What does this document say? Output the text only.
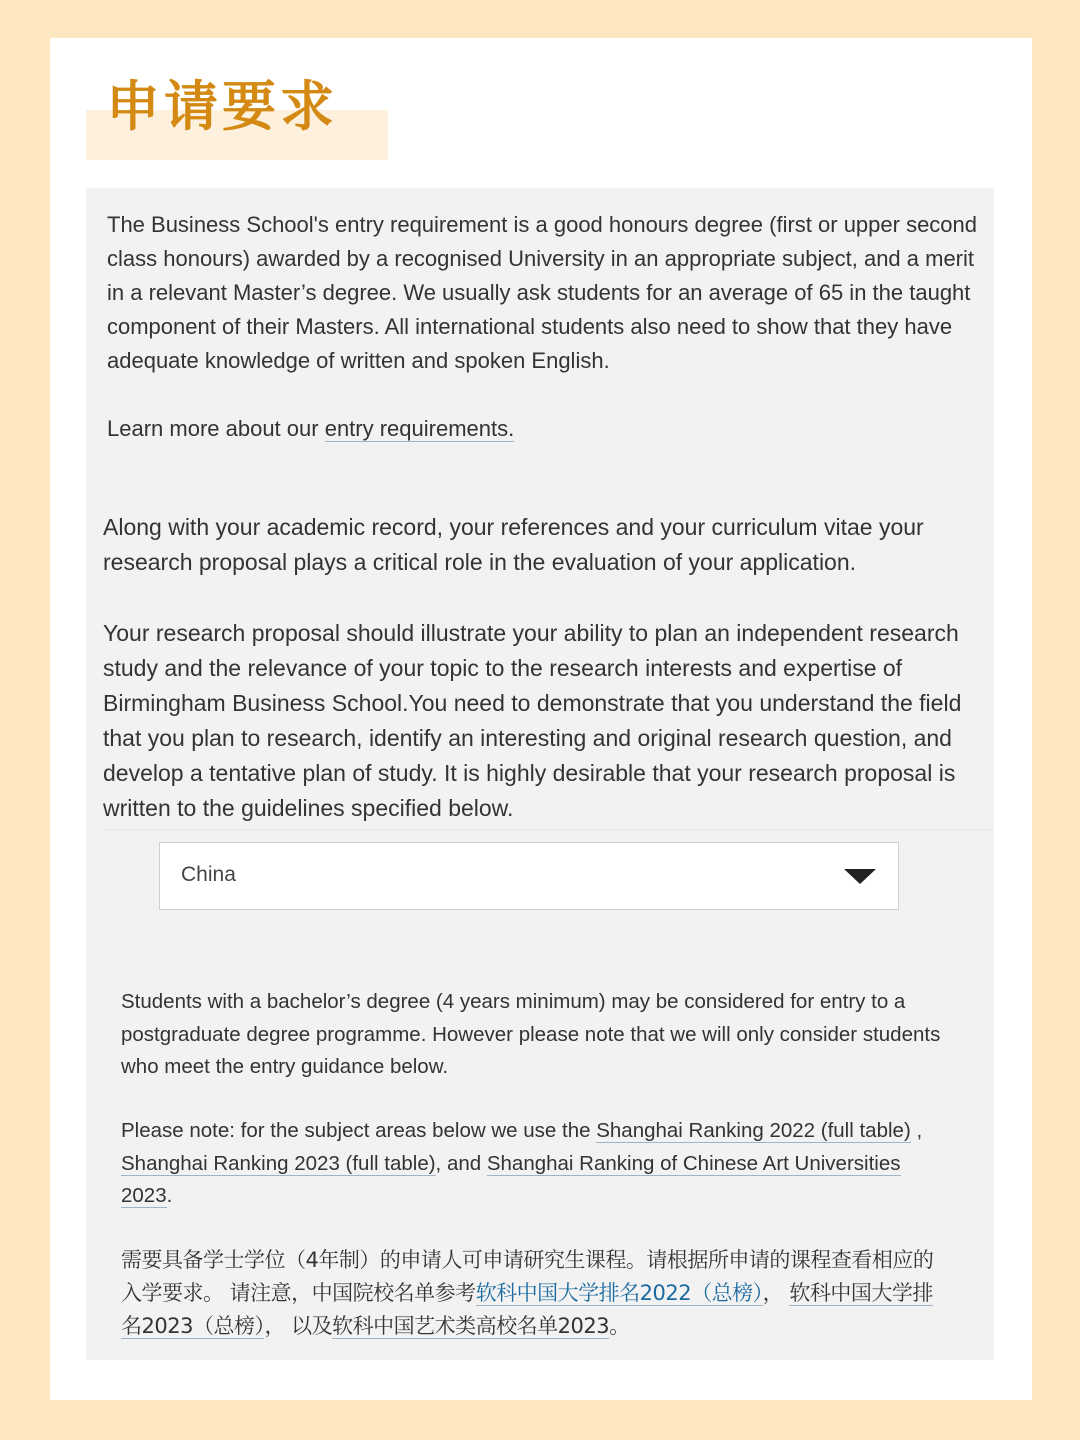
申请要求

The Business School's entry requirement is a good honours degree (first or upper second class honours) awarded by a recognised University in an appropriate subject, and a merit in a relevant Master’s degree. We usually ask students for an average of 65 in the taught component of their Masters. All international students also need to show that they have adequate knowledge of written and spoken English.

Learn more about our entry requirements.

Along with your academic record, your references and your curriculum vitae your research proposal plays a critical role in the evaluation of your application.

Your research proposal should illustrate your ability to plan an independent research study and the relevance of your topic to the research interests and expertise of Birmingham Business School.You need to demonstrate that you understand the field that you plan to research, identify an interesting and original research question, and develop a tentative plan of study. It is highly desirable that your research proposal is written to the guidelines specified below.

China

Students with a bachelor’s degree (4 years minimum) may be considered for entry to a postgraduate degree programme. However please note that we will only consider students who meet the entry guidance below.

Please note: for the subject areas below we use the Shanghai Ranking 2022 (full table) , Shanghai Ranking 2023 (full table), and Shanghai Ranking of Chinese Art Universities 2023.

需要具备学士学位（4年制）的申请人可申请研究生课程。请根据所申请的课程查看相应的入学要求。 请注意，中国院校名单参考软科中国大学排名2022（总榜）， 软科中国大学排名2023（总榜）， 以及软科中国艺术类高校名单2023。
